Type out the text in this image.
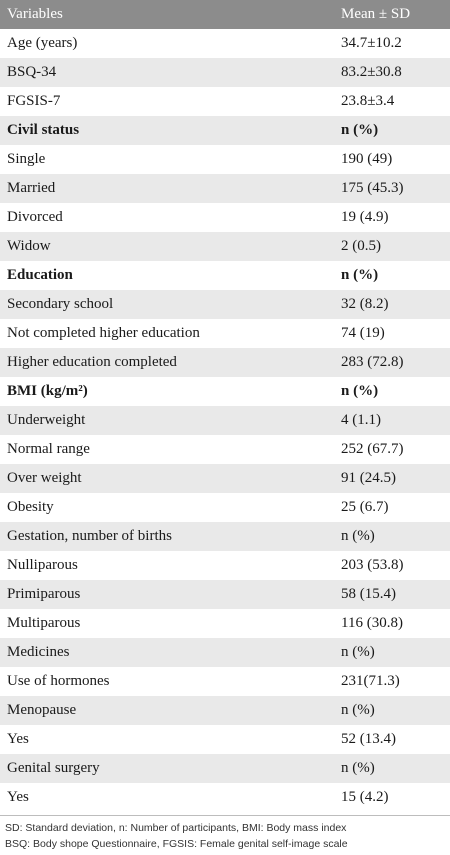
Variables	Mean ± SD
Age (years)	34.7±10.2
BSQ-34	83.2±30.8
FGSIS-7	23.8±3.4
Civil status	n (%)
Single	190 (49)
Married	175 (45.3)
Divorced	19 (4.9)
Widow	2 (0.5)
Education	n (%)
Secondary school	32 (8.2)
Not completed higher education	74 (19)
Higher education completed	283 (72.8)
BMI (kg/m²)	n (%)
Underweight	4 (1.1)
Normal range	252 (67.7)
Over weight	91 (24.5)
Obesity	25 (6.7)
Gestation, number of births	n (%)
Nulliparous	203 (53.8)
Primiparous	58 (15.4)
Multiparous	116 (30.8)
Medicines	n (%)
Use of hormones	231(71.3)
Menopause	n (%)
Yes	52 (13.4)
Genital surgery	n (%)
Yes	15 (4.2)
SD: Standard deviation, n: Number of participants, BMI: Body mass index
BSQ: Body shope Questionnaire, FGSIS: Female genital self-image scale
